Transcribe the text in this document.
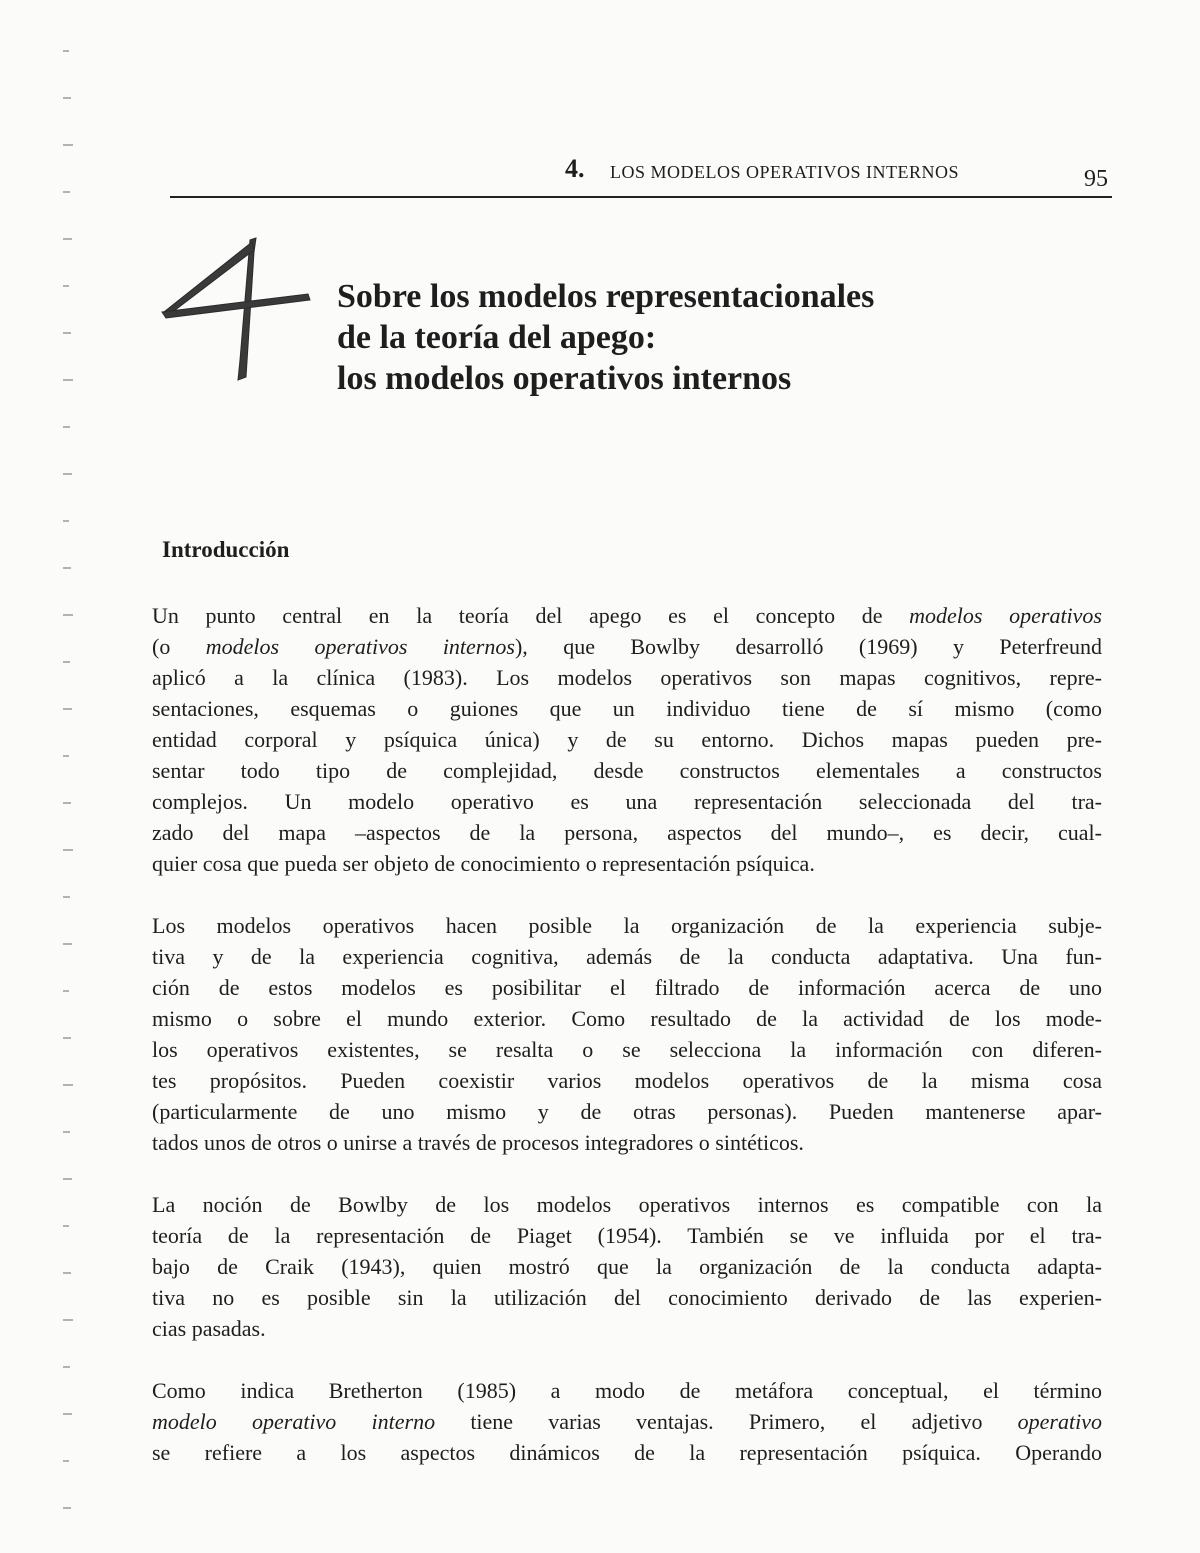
4. LOS MODELOS OPERATIVOS INTERNOS	95
Sobre los modelos representacionales
de la teoría del apego:
los modelos operativos internos
Introducción

Un punto central en la teoría del apego es el concepto de modelos operativos
(o modelos operativos internos), que Bowlby desarrolló (1969) y Peterfreund
aplicó a la clínica (1983). Los modelos operativos son mapas cognitivos, repre-
sentaciones, esquemas o guiones que un individuo tiene de sí mismo (como
entidad corporal y psíquica única) y de su entorno. Dichos mapas pueden pre-
sentar todo tipo de complejidad, desde constructos elementales a constructos
complejos. Un modelo operativo es una representación seleccionada del tra-
zado del mapa –aspectos de la persona, aspectos del mundo–, es decir, cual-
quier cosa que pueda ser objeto de conocimiento o representación psíquica.

Los modelos operativos hacen posible la organización de la experiencia subje-
tiva y de la experiencia cognitiva, además de la conducta adaptativa. Una fun-
ción de estos modelos es posibilitar el filtrado de información acerca de uno
mismo o sobre el mundo exterior. Como resultado de la actividad de los mode-
los operativos existentes, se resalta o se selecciona la información con diferen-
tes propósitos. Pueden coexistir varios modelos operativos de la misma cosa
(particularmente de uno mismo y de otras personas). Pueden mantenerse apar-
tados unos de otros o unirse a través de procesos integradores o sintéticos.

La noción de Bowlby de los modelos operativos internos es compatible con la
teoría de la representación de Piaget (1954). También se ve influida por el tra-
bajo de Craik (1943), quien mostró que la organización de la conducta adapta-
tiva no es posible sin la utilización del conocimiento derivado de las experien-
cias pasadas.

Como indica Bretherton (1985) a modo de metáfora conceptual, el término
modelo operativo interno tiene varias ventajas. Primero, el adjetivo operativo
se refiere a los aspectos dinámicos de la representación psíquica. Operando
